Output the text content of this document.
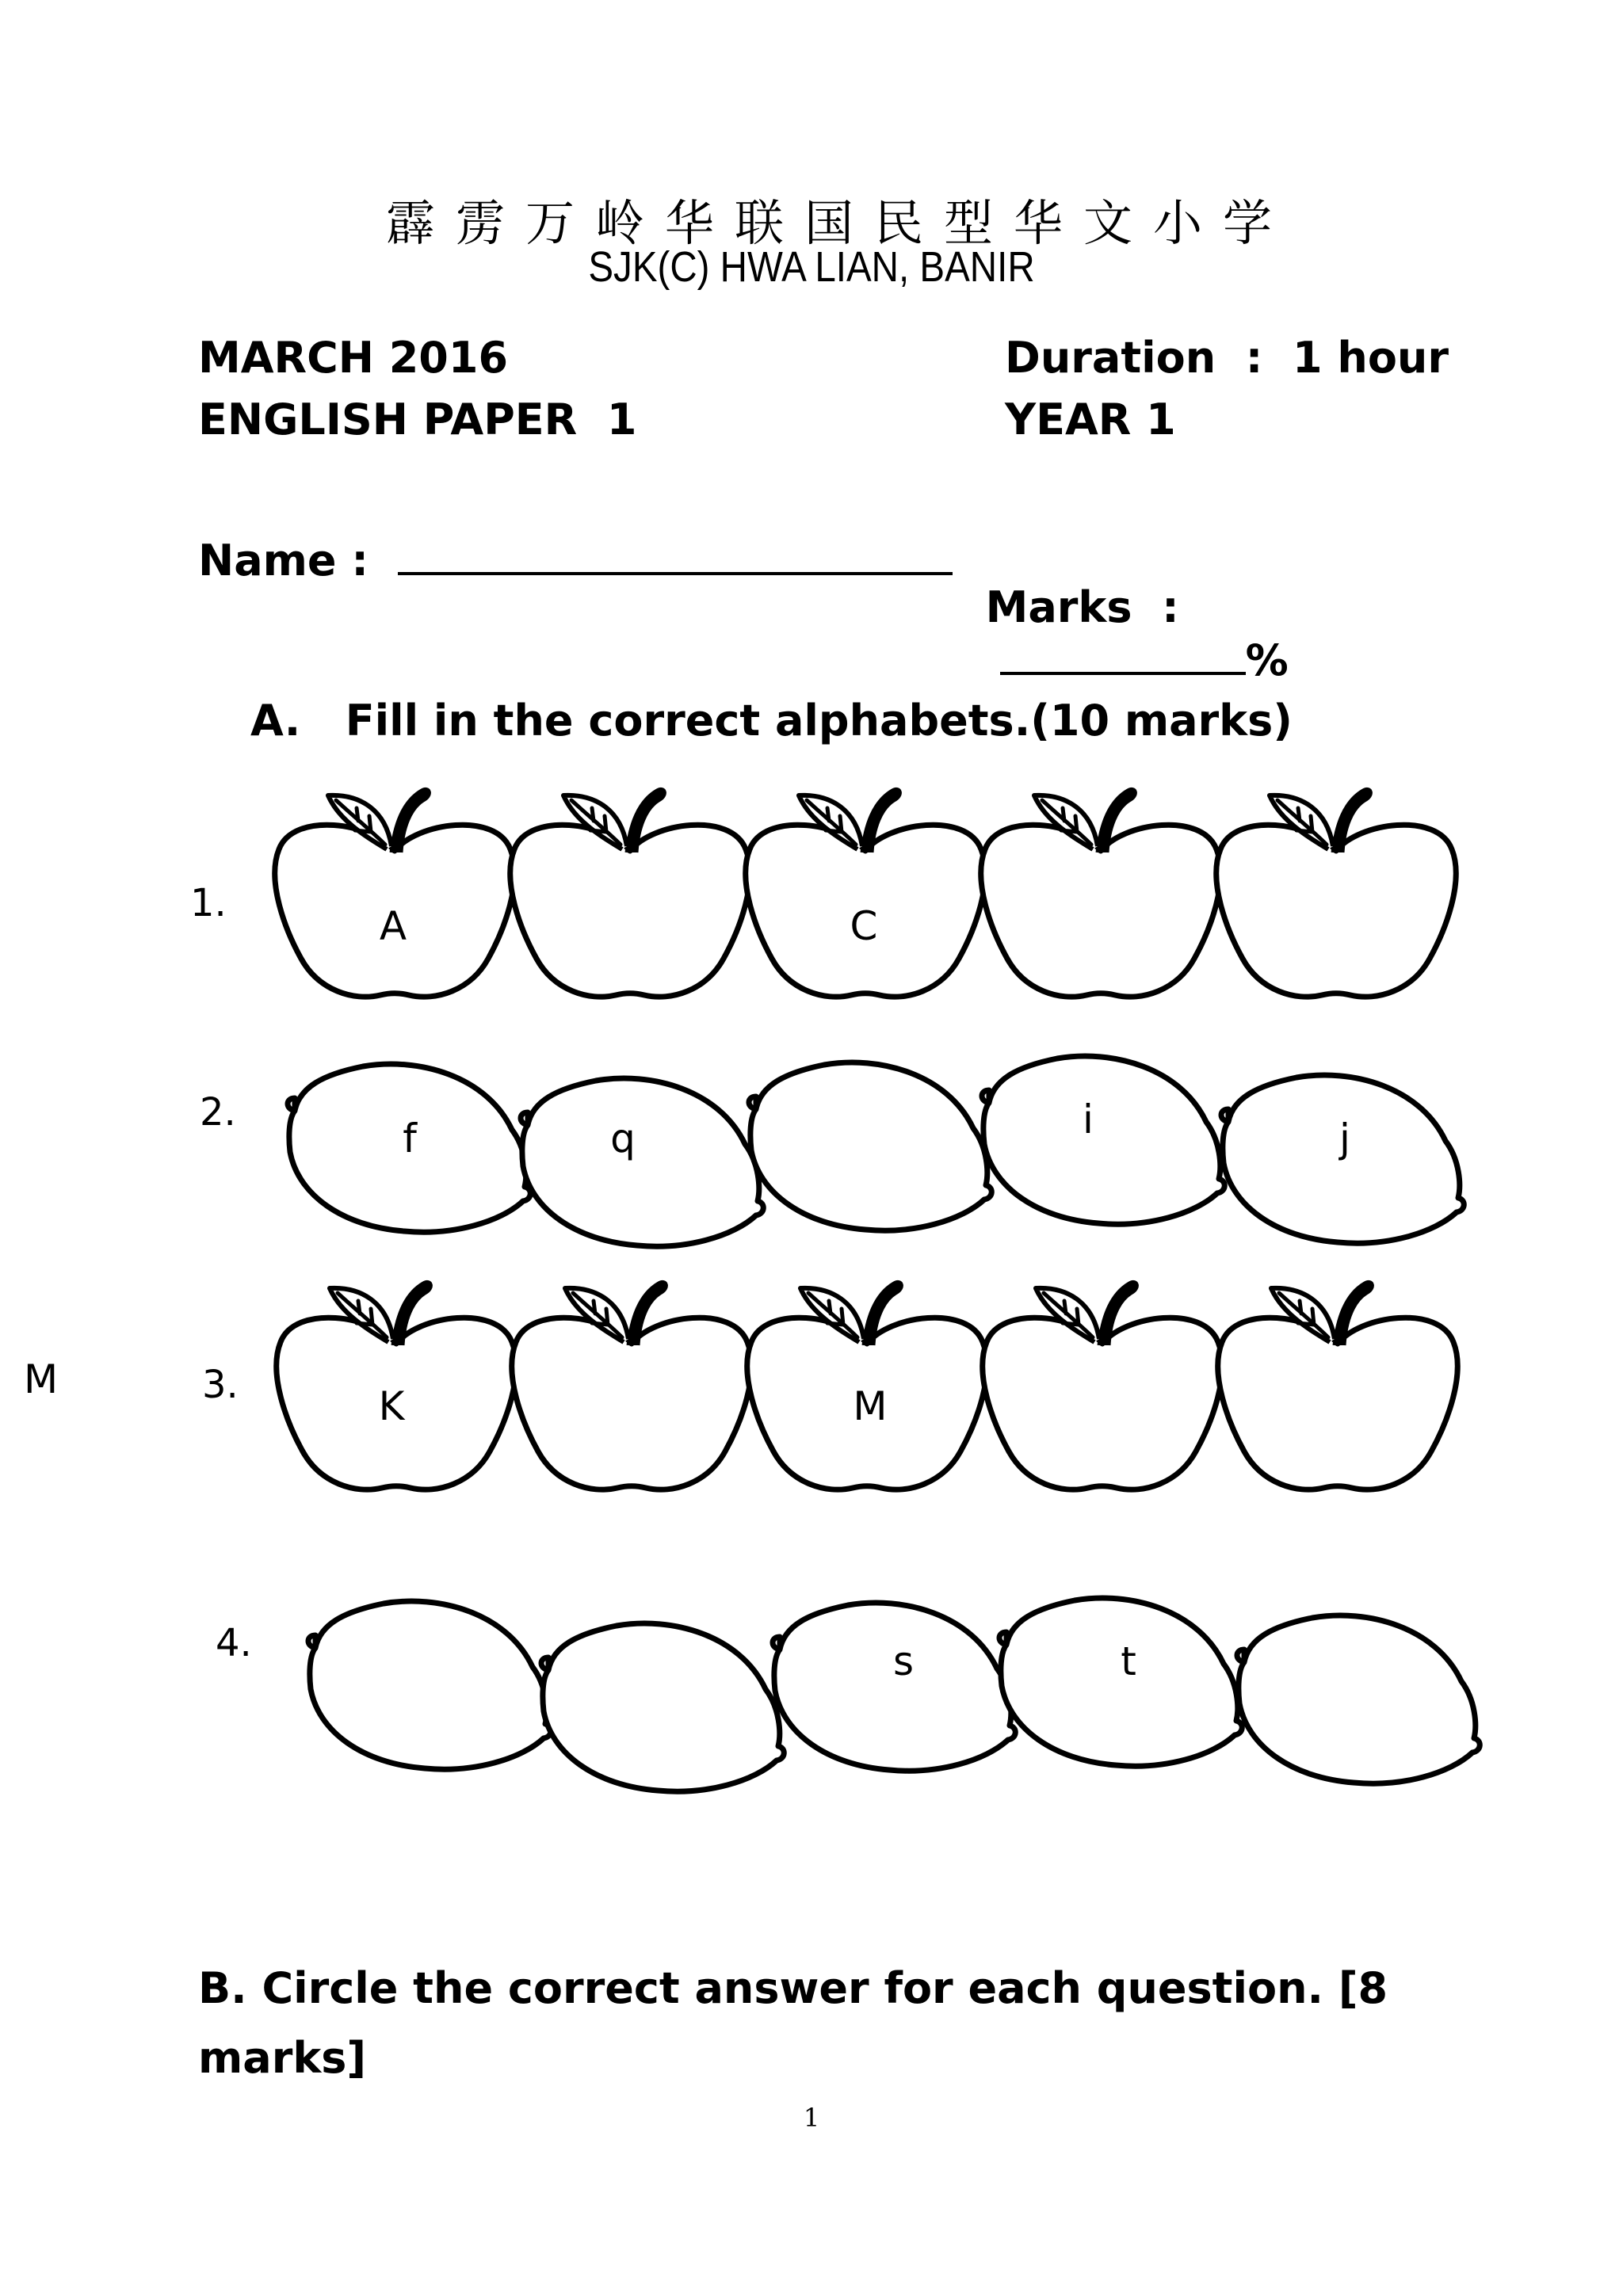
霹雳万岭华联国民型华文小学
SJK(C) HWA LIAN, BANIR
MARCH 2016
ENGLISH PAPER  1
Duration  :  1 hour
YEAR 1
Name :

Marks  :
%

M
A.   Fill in the correct alphabets.(10 marks)
1.
2.
3.
4.
A	C
f	q	i	j
K	M
s	t
B. Circle the correct answer for each question. [8
marks]
1
